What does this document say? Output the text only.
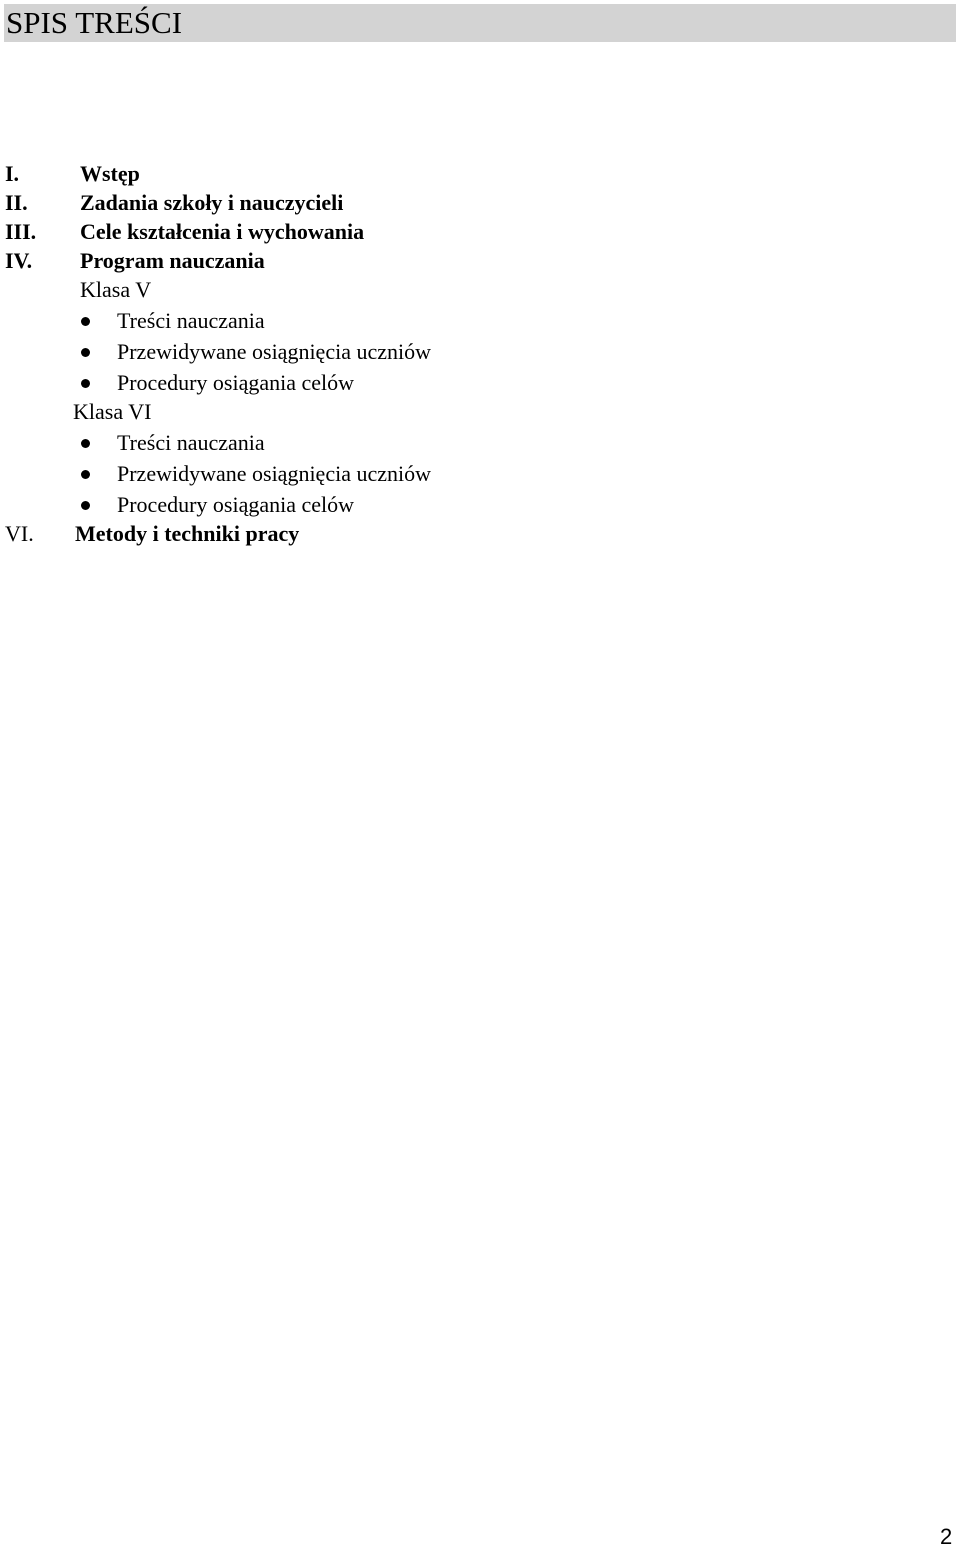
SPIS TREŚCI
I.	Wstęp
II. Zadania szkoły i nauczycieli
III. Cele kształcenia i wychowania
IV. Program nauczania
Klasa V
Treści nauczania
Przewidywane osiągnięcia uczniów
Procedury osiągania celów
Klasa VI
Treści nauczania
Przewidywane osiągnięcia uczniów
Procedury osiągania celów
VI. Metody i techniki pracy
2
